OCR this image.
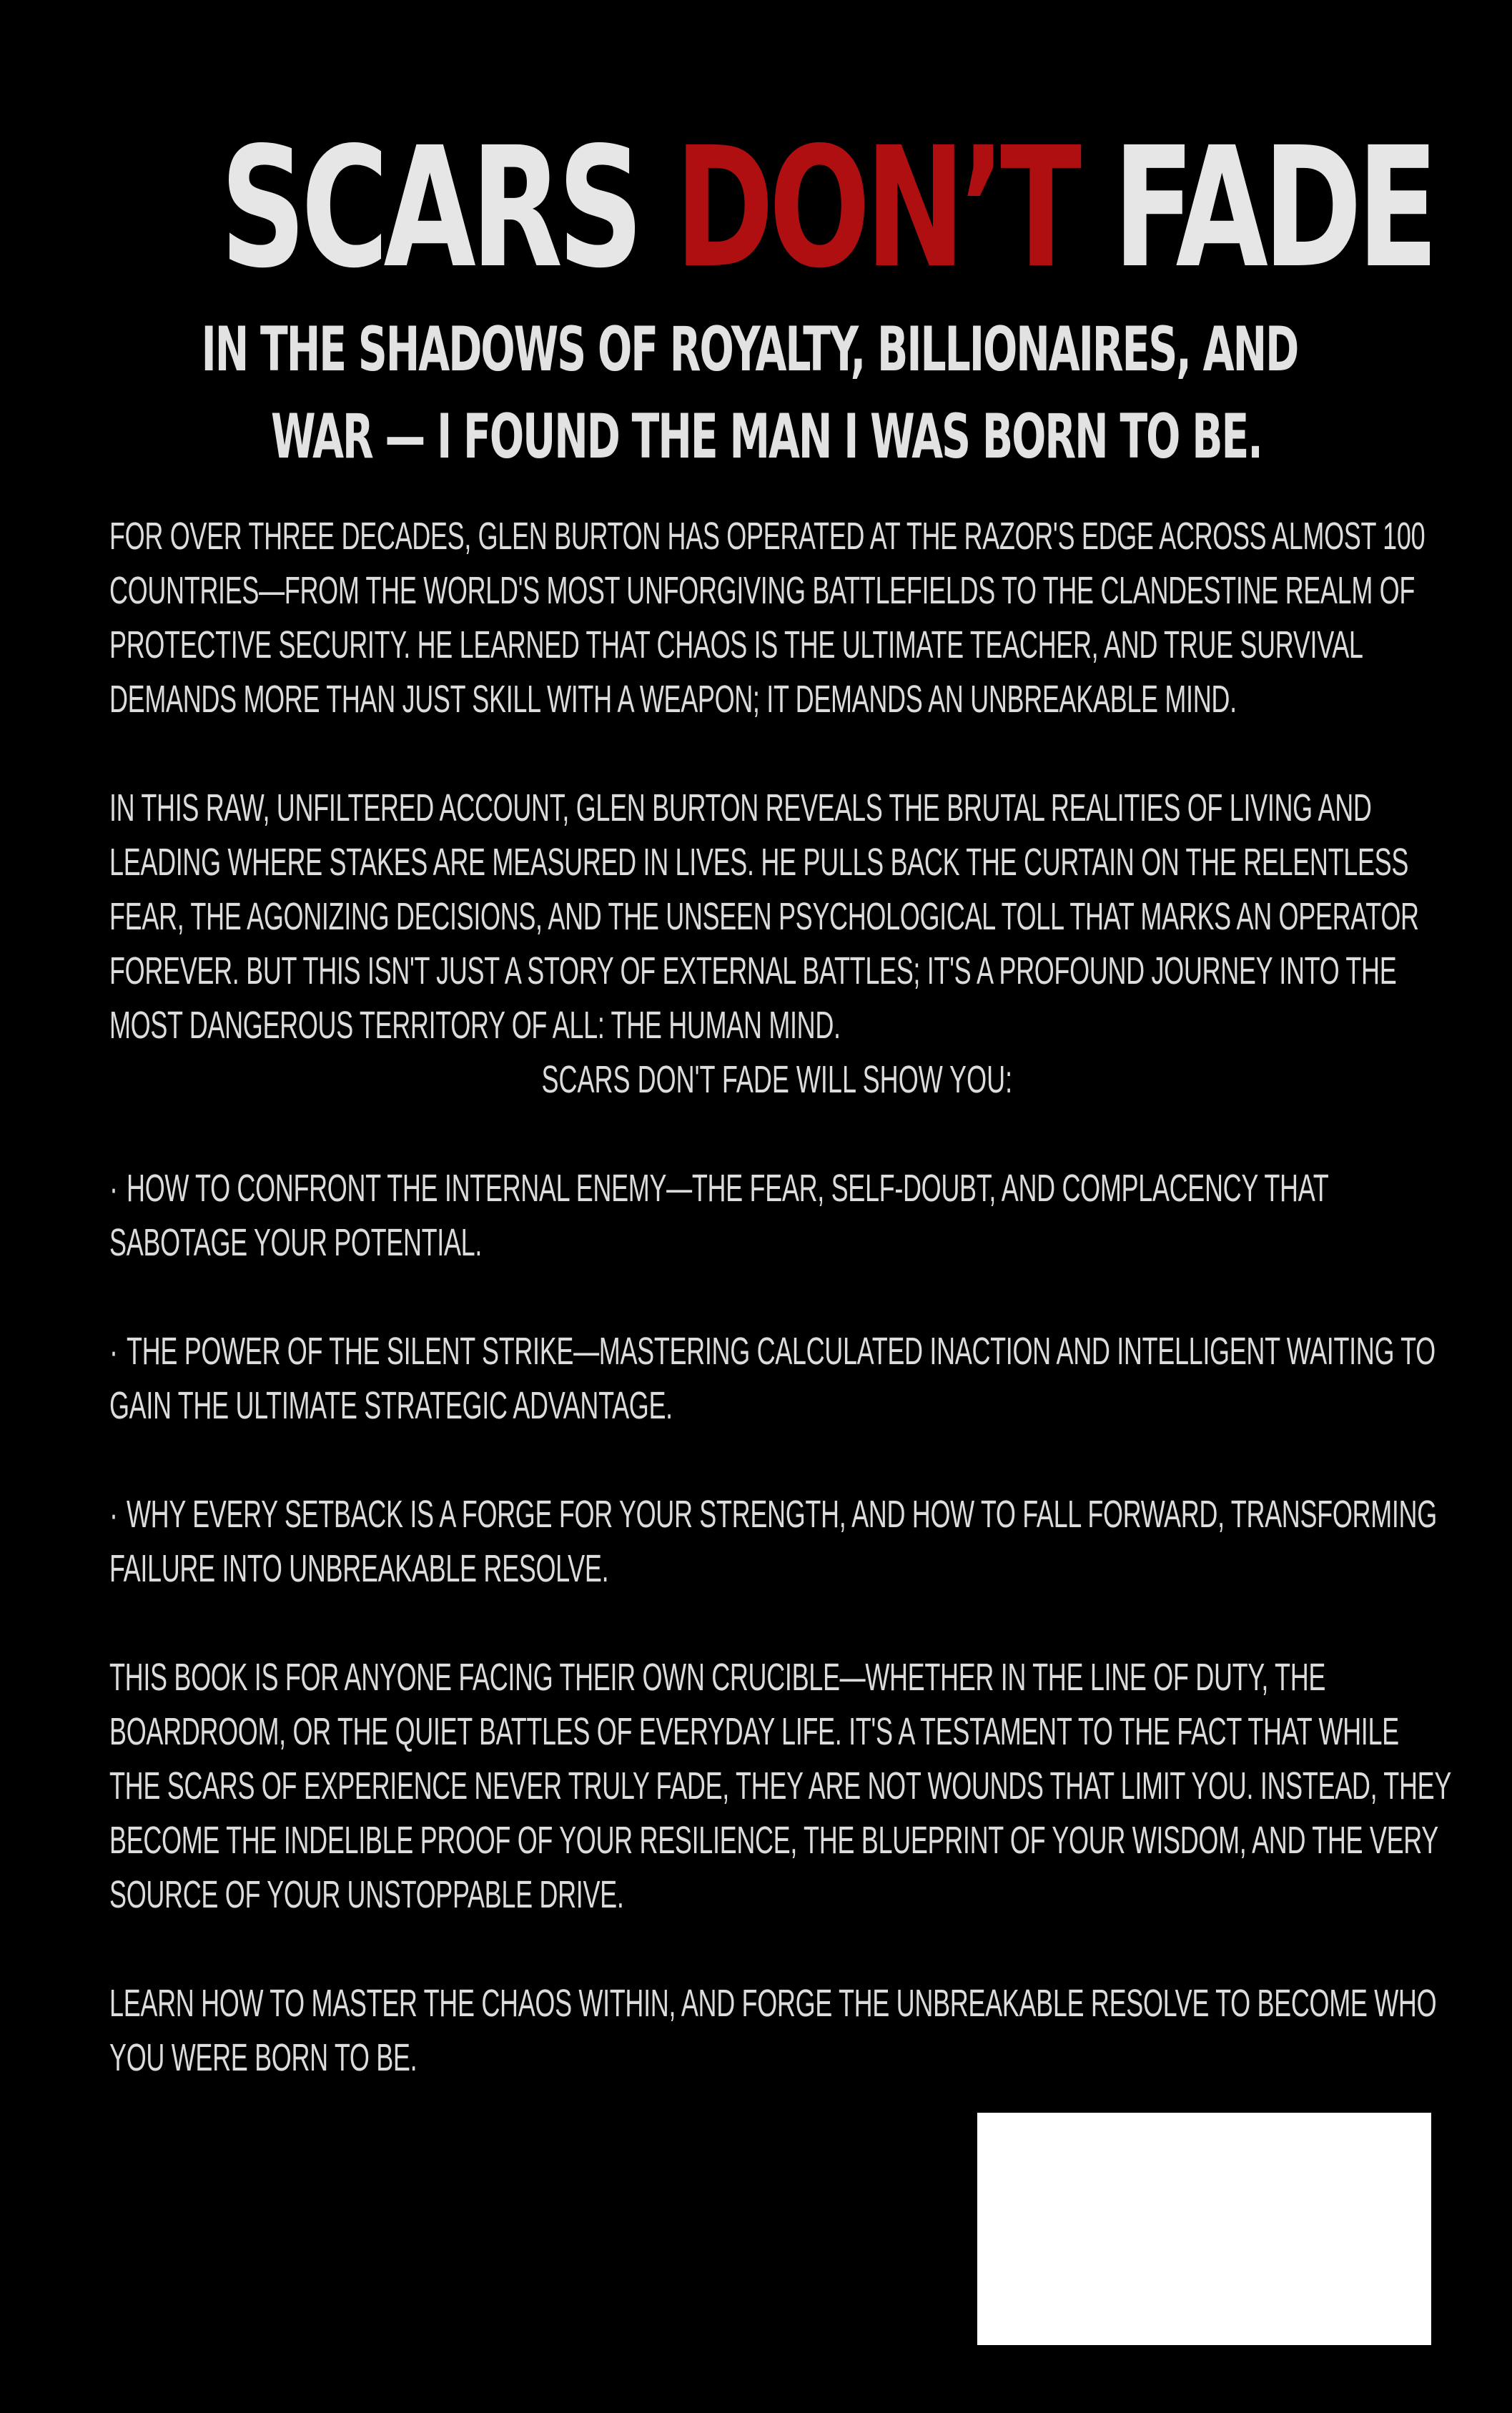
SCARS DON’T FADE
IN THE SHADOWS OF ROYALTY, BILLIONAIRES, AND
WAR — I FOUND THE MAN I WAS BORN TO BE.
FOR OVER THREE DECADES, GLEN BURTON HAS OPERATED AT THE RAZOR'S EDGE ACROSS ALMOST 100 COUNTRIES—FROM THE WORLD'S MOST UNFORGIVING BATTLEFIELDS TO THE CLANDESTINE REALM OF PROTECTIVE SECURITY. HE LEARNED THAT CHAOS IS THE ULTIMATE TEACHER, AND TRUE SURVIVAL DEMANDS MORE THAN JUST SKILL WITH A WEAPON; IT DEMANDS AN UNBREAKABLE MIND.
IN THIS RAW, UNFILTERED ACCOUNT, GLEN BURTON REVEALS THE BRUTAL REALITIES OF LIVING AND LEADING WHERE STAKES ARE MEASURED IN LIVES. HE PULLS BACK THE CURTAIN ON THE RELENTLESS FEAR, THE AGONIZING DECISIONS, AND THE UNSEEN PSYCHOLOGICAL TOLL THAT MARKS AN OPERATOR FOREVER. BUT THIS ISN'T JUST A STORY OF EXTERNAL BATTLES; IT'S A PROFOUND JOURNEY INTO THE MOST DANGEROUS TERRITORY OF ALL: THE HUMAN MIND.
SCARS DON'T FADE WILL SHOW YOU:
· HOW TO CONFRONT THE INTERNAL ENEMY—THE FEAR, SELF-DOUBT, AND COMPLACENCY THAT SABOTAGE YOUR POTENTIAL.
· THE POWER OF THE SILENT STRIKE—MASTERING CALCULATED INACTION AND INTELLIGENT WAITING TO GAIN THE ULTIMATE STRATEGIC ADVANTAGE.
· WHY EVERY SETBACK IS A FORGE FOR YOUR STRENGTH, AND HOW TO FALL FORWARD, TRANSFORMING FAILURE INTO UNBREAKABLE RESOLVE.
THIS BOOK IS FOR ANYONE FACING THEIR OWN CRUCIBLE—WHETHER IN THE LINE OF DUTY, THE BOARDROOM, OR THE QUIET BATTLES OF EVERYDAY LIFE. IT'S A TESTAMENT TO THE FACT THAT WHILE THE SCARS OF EXPERIENCE NEVER TRULY FADE, THEY ARE NOT WOUNDS THAT LIMIT YOU. INSTEAD, THEY BECOME THE INDELIBLE PROOF OF YOUR RESILIENCE, THE BLUEPRINT OF YOUR WISDOM, AND THE VERY SOURCE OF YOUR UNSTOPPABLE DRIVE.
LEARN HOW TO MASTER THE CHAOS WITHIN, AND FORGE THE UNBREAKABLE RESOLVE TO BECOME WHO YOU WERE BORN TO BE.
